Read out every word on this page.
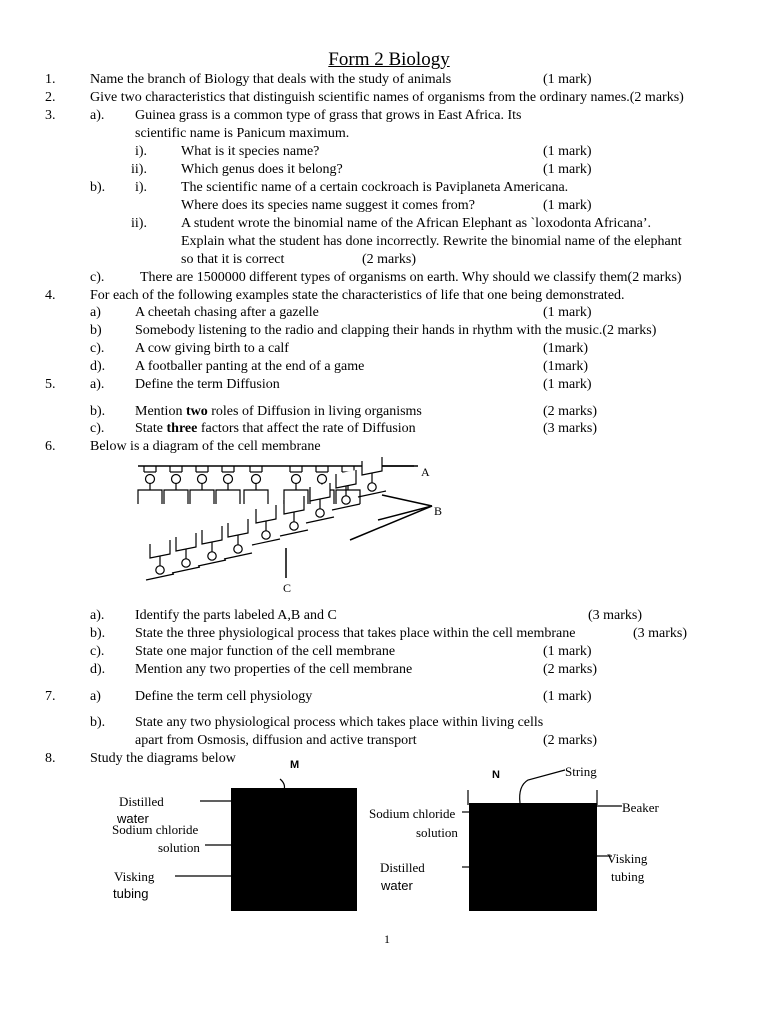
Form 2 Biology
1. Name the branch of Biology that deals with the study of animals	(1 mark)
2. Give two characteristics that distinguish scientific names of organisms from the ordinary names.(2 marks)
3. a). Guinea grass is a common type of grass that grows in East Africa. Its
scientific name is Panicum maximum.
i). What is it species name?	(1 mark)
ii). Which genus does it belong?	(1 mark)
b). i). The scientific name of a certain cockroach is Paviplaneta Americana.
Where does its species name suggest it comes from?	(1 mark)
ii). A student wrote the binomial name of the African Elephant as `loxodonta Africana’.
Explain what the student has done incorrectly. Rewrite the binomial name of the elephant
so that it is correct	(2 marks)
c).	There are 1500000 different types of organisms on earth. Why should we classify them(2 marks)
4. For each of the following examples state the characteristics of life that one being demonstrated.
a) A cheetah chasing after a gazelle	(1 mark)
b) Somebody listening to the radio and clapping their hands in rhythm with the music.(2 marks)
c). A cow giving birth to a calf	(1mark)
d). A footballer panting at the end of a game	(1mark)
5. a). Define the term Diffusion	(1 mark)
b). Mention two roles of Diffusion in living organisms	(2 marks)
c). State three factors that affect the rate of Diffusion	(3 marks)
6. Below is a diagram of the cell membrane
A
B
C
a). Identify the parts labeled A,B and C	(3 marks)
b). State the three physiological process that takes place within the cell membrane	(3 marks)
c). State one major function of the cell membrane	(1 mark)
d). Mention any two properties of the cell membrane	(2 marks)
7. a) Define the term cell physiology	(1 mark)
b). State any two physiological process which takes place within living cells
apart from Osmosis, diffusion and active transport	(2 marks)
8. Study the diagrams below	M
N
Distilled
water
Sodium chloride
solution
Visking
tubing
String
Beaker
Sodium chloride
solution
Distilled
water
Visking
tubing
1
